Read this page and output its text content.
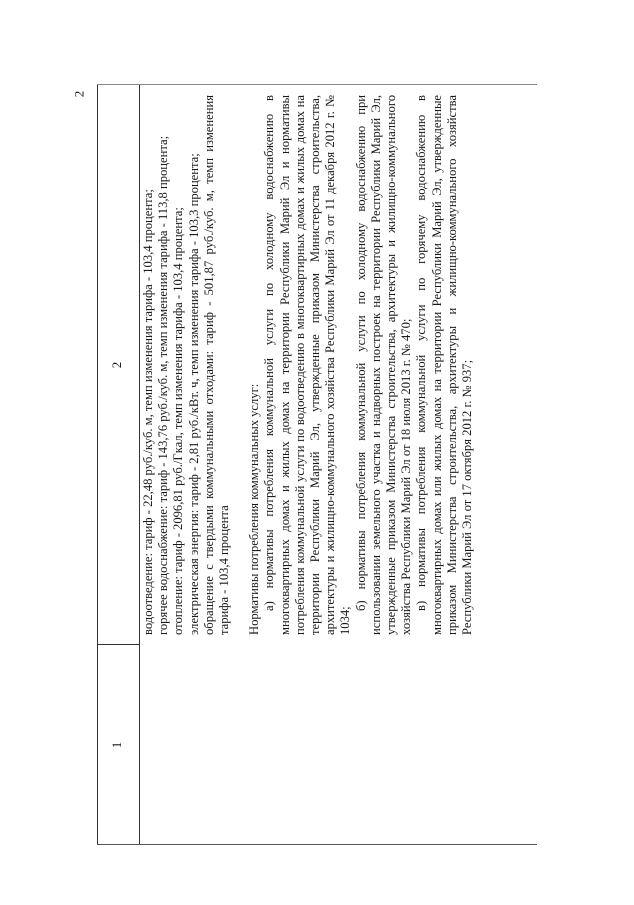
2
1
2 водоотведение: тариф - 22,48 руб./куб. м, темп изменения тарифа - 103,4 процента; горячее водоснабжение: тариф - 143,76 руб./куб. м, темп изменения тарифа - 113,8 процента; отопление: тариф - 2096,81 руб./Гкал, темп изменения тарифа - 103,4 процента; электрическая энергия: тариф - 2,81 руб./кВт. ч, темп изменения тарифа - 103,3 процента; обращение с твердыми коммунальными отходами: тариф - 501,87 руб./куб. м, темп изменения тарифа - 103,4 процента Нормативы потребления коммунальных услуг: а) нормативы потребления коммунальной услуги по холодному водоснабжению в многоквартирных домах и жилых домах на территории Республики Марий Эл и нормативы потребления коммунальной услуги по водоотведению в многоквартирных домах и жилых домах на территории Республики Марий Эл, утвержденные приказом Министерства строительства, архитектуры и жилищно-коммунального хозяйства Республики Марий Эл от 11 декабря 2012 г. № 1034;

б) нормативы потребления коммунальной услуги по холодному водоснабжению при использовании земельного участка и надворных построек на территории Республики Марий Эл, утвержденные приказом Министерства строительства, архитектуры и жилищно-коммунального хозяйства Республики Марий Эл от 18 июля 2013 г. № 470; в) нормативы потребления коммунальной услуги по горячему водоснабжению в многоквартирных домах или жилых домах на территории Республики Марий Эл, утвержденные приказом Министерства строительства, архитектуры и жилищно-коммунального хозяйства Республики Марий Эл от 17 октября 2012 г. № 937;
